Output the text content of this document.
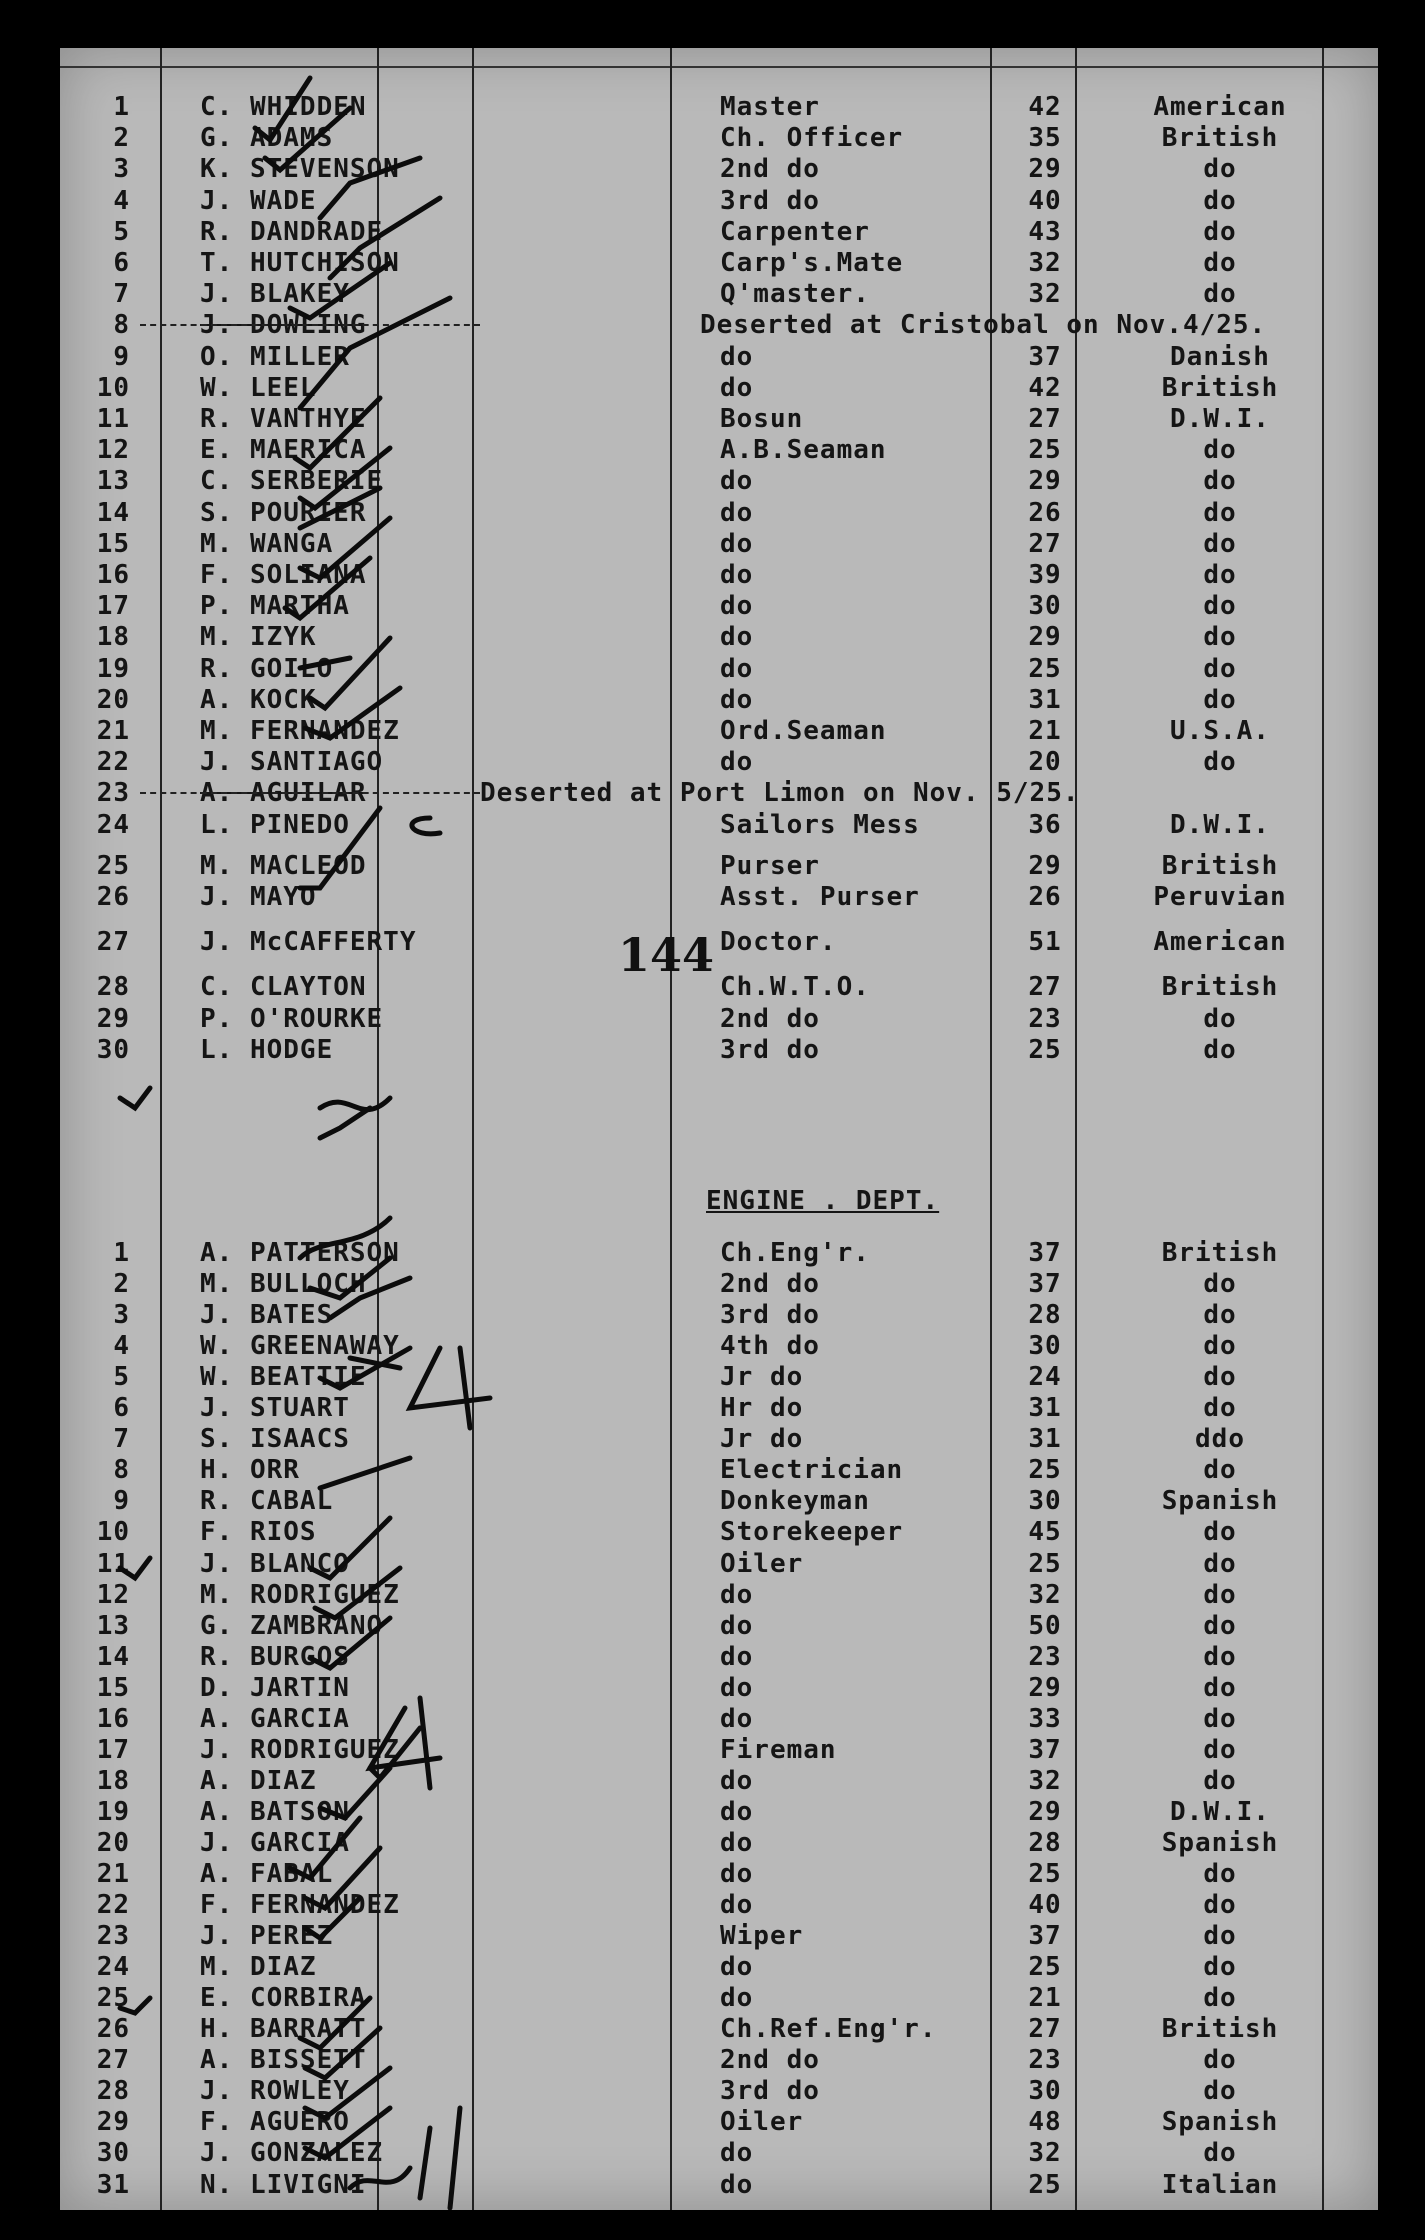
1	C. WHIDDEN	Master	42	American
2	G. ADAMS	Ch. Officer	35	British
3	K. STEVENSON	2nd do	29	do
4	J. WADE	3rd do	40	do
5	R. DANDRADE	Carpenter	43	do
6	T. HUTCHISON	Carp's.Mate	32	do
7	J. BLAKEY	Q'master.	32	do
8	J. DOWLING	Deserted at Cristobal on Nov.4/25.
9	O. MILLER	do	37	Danish
10	W. LEEL	do	42	British
11	R. VANTHYE	Bosun	27	D.W.I.
12	E. MAERICA	A.B.Seaman	25	do
13	C. SERBERIE	do	29	do
14	S. POURIER	do	26	do
15	M. WANGA	do	27	do
16	F. SOLIANA	do	39	do
17	P. MARTHA	do	30	do
18	M. IZYK	do	29	do
19	R. GOILO	do	25	do
20	A. KOCK	do	31	do
21	M. FERNANDEZ	Ord.Seaman	21	U.S.A.
22	J. SANTIAGO	do	20	do
23	A. AGUILAR	Deserted at Port Limon on Nov. 5/25.
24	L. PINEDO	Sailors Mess	36	D.W.I.
25	M. MACLEOD	Purser	29	British
26	J. MAYO	Asst. Purser	26	Peruvian
27	J. McCAFFERTY	Doctor.	51	American
28	C. CLAYTON	Ch.W.T.O.	27	British
29	P. O'ROURKE	2nd do	23	do
30	L. HODGE	3rd do	25	do
144
ENGINE . DEPT.
1	A. PATTERSON	Ch.Eng'r.	37	British
2	M. BULLOCH	2nd do	37	do
3	J. BATES	3rd do	28	do
4	W. GREENAWAY	4th do	30	do
5	W. BEATTIE	Jr do	24	do
6	J. STUART	Hr do	31	do
7	S. ISAACS	Jr do	31	ddo
8	H. ORR	Electrician	25	do
9	R. CABAL	Donkeyman	30	Spanish
10	F. RIOS	Storekeeper	45	do
11	J. BLANCO	Oiler	25	do
12	M. RODRIGUEZ	do	32	do
13	G. ZAMBRANO	do	50	do
14	R. BURGOS	do	23	do
15	D. JARTIN	do	29	do
16	A. GARCIA	do	33	do
17	J. RODRIGUEZ	Fireman	37	do
18	A. DIAZ	do	32	do
19	A. BATSON	do	29	D.W.I.
20	J. GARCIA	do	28	Spanish
21	A. FABAL	do	25	do
22	F. FERNANDEZ	do	40	do
23	J. PEREZ	Wiper	37	do
24	M. DIAZ	do	25	do
25	E. CORBIRA	do	21	do
26	H. BARRATT	Ch.Ref.Eng'r.	27	British
27	A. BISSETT	2nd do	23	do
28	J. ROWLEY	3rd do	30	do
29	F. AGUERO	Oiler	48	Spanish
30	J. GONZALEZ	do	32	do
31	N. LIVIGNI	do	25	Italian
